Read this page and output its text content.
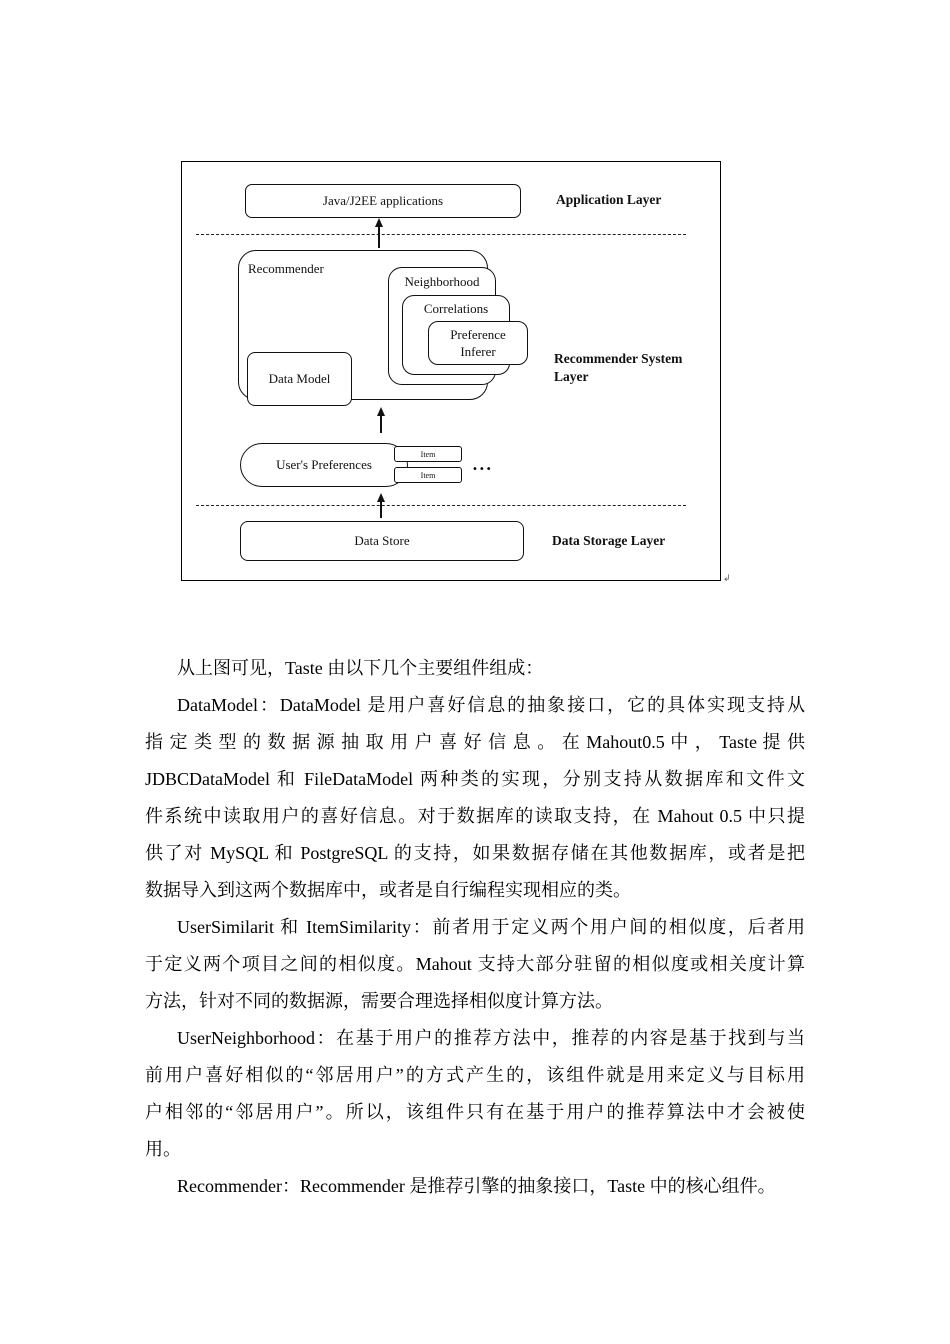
Java/J2EE applications	Application Layer
Recommender
Neighborhood
Correlations
Preference
Inferer
Data Model
Recommender System
Layer
User's Preferences
Item
Item	•••
Data Store	Data Storage Layer
↲
从上图可见，Taste 由以下几个主要组件组成：
DataModel：DataModel 是用户喜好信息的抽象接口，它的具体实现支持从
指 定 类 型 的 数 据 源 抽 取 用 户 喜 好 信 息 。 在 Mahout0.5 中 ， Taste 提 供
JDBCDataModel 和 FileDataModel 两种类的实现，分别支持从数据库和文件文
件系统中读取用户的喜好信息。对于数据库的读取支持，在 Mahout 0.5 中只提
供了对 MySQL 和 PostgreSQL 的支持，如果数据存储在其他数据库，或者是把
数据导入到这两个数据库中，或者是自行编程实现相应的类。
UserSimilarit 和 ItemSimilarity：前者用于定义两个用户间的相似度，后者用
于定义两个项目之间的相似度。Mahout 支持大部分驻留的相似度或相关度计算
方法，针对不同的数据源，需要合理选择相似度计算方法。
UserNeighborhood：在基于用户的推荐方法中，推荐的内容是基于找到与当
前用户喜好相似的“邻居用户”的方式产生的，该组件就是用来定义与目标用
户相邻的“邻居用户”。所以，该组件只有在基于用户的推荐算法中才会被使
用。
Recommender：Recommender 是推荐引擎的抽象接口，Taste 中的核心组件。
